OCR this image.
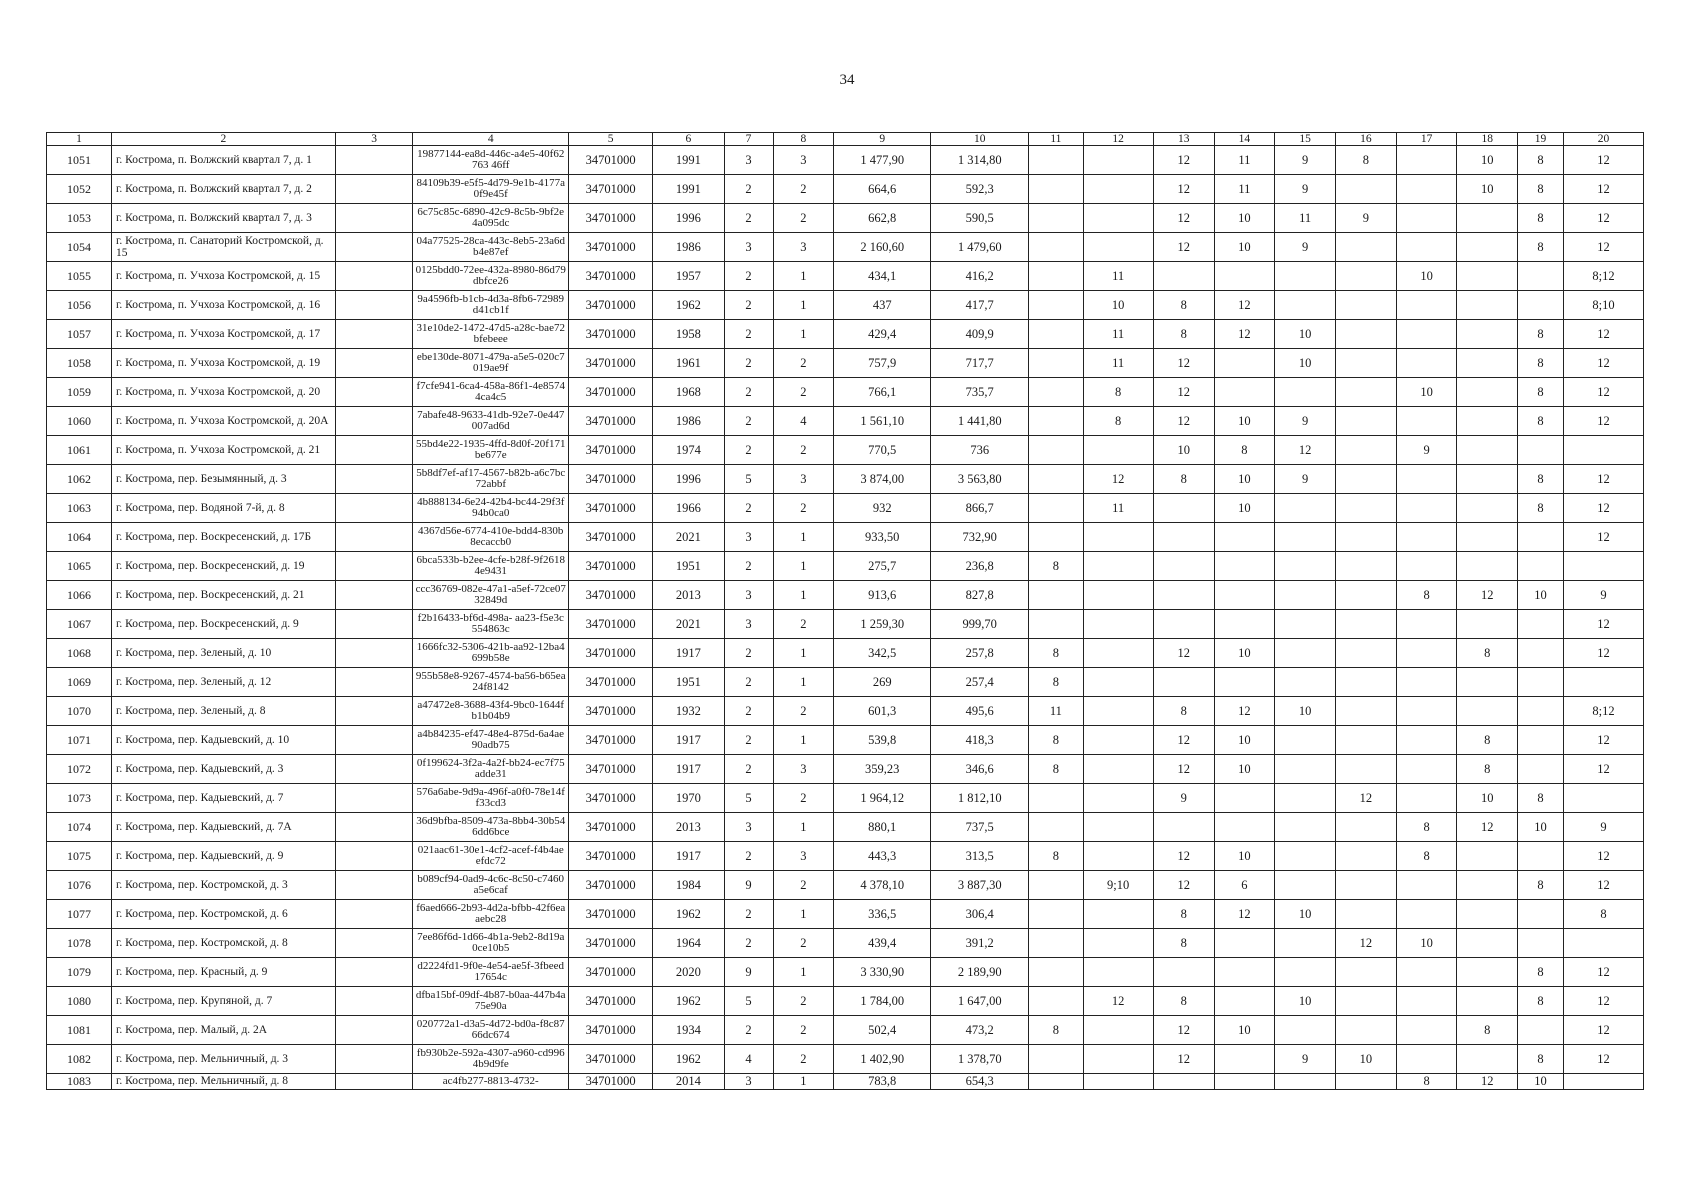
34
1	2	3	4	5	6	7	8	9	10	11	12	13	14	15	16	17	18	19	20
1051	г. Кострома, п. Волжский квартал 7, д. 1		19877144-ea8d-446c-a4e5-40f62763 46ff	34701000	1991	3	3	1 477,90	1 314,80			12	11	9	8		10	8	12
1052	г. Кострома, п. Волжский квартал 7, д. 2		84109b39-e5f5-4d79-9e1b-4177a0f9e45f	34701000	1991	2	2	664,6	592,3			12	11	9			10	8	12
1053	г. Кострома, п. Волжский квартал 7, д. 3		6c75c85c-6890-42c9-8c5b-9bf2e4a095dc	34701000	1996	2	2	662,8	590,5			12	10	11	9			8	12
1054	г. Кострома, п. Санаторий Костромской, д. 15		04a77525-28ca-443c-8eb5-23a6db4e87ef	34701000	1986	3	3	2 160,60	1 479,60			12	10	9				8	12
1055	г. Кострома, п. Учхоза Костромской, д. 15		0125bdd0-72ee-432a-8980-86d79dbfce26	34701000	1957	2	1	434,1	416,2		11					10			8;12
1056	г. Кострома, п. Учхоза Костромской, д. 16		9a4596fb-b1cb-4d3a-8fb6-72989d41cb1f	34701000	1962	2	1	437	417,7		10	8	12						8;10
1057	г. Кострома, п. Учхоза Костромской, д. 17		31e10de2-1472-47d5-a28c-bae72bfebeee	34701000	1958	2	1	429,4	409,9		11	8	12	10				8	12
1058	г. Кострома, п. Учхоза Костромской, д. 19		ebe130de-8071-479a-a5e5-020c7019ae9f	34701000	1961	2	2	757,9	717,7		11	12		10				8	12
1059	г. Кострома, п. Учхоза Костромской, д. 20		f7cfe941-6ca4-458a-86f1-4e85744ca4c5	34701000	1968	2	2	766,1	735,7		8	12				10		8	12
1060	г. Кострома, п. Учхоза Костромской, д. 20А		7abafe48-9633-41db-92e7-0e447007ad6d	34701000	1986	2	4	1 561,10	1 441,80		8	12	10	9				8	12
1061	г. Кострома, п. Учхоза Костромской, д. 21		55bd4e22-1935-4ffd-8d0f-20f171be677e	34701000	1974	2	2	770,5	736			10	8	12		9			
1062	г. Кострома, пер. Безымянный, д. 3		5b8df7ef-af17-4567-b82b-a6c7bc72abbf	34701000	1996	5	3	3 874,00	3 563,80		12	8	10	9				8	12
1063	г. Кострома, пер. Водяной 7-й, д. 8		4b888134-6e24-42b4-bc44-29f3f94b0ca0	34701000	1966	2	2	932	866,7		11		10					8	12
1064	г. Кострома, пер. Воскресенский, д. 17Б		4367d56e-6774-410e-bdd4-830b8ecaccb0	34701000	2021	3	1	933,50	732,90										12
1065	г. Кострома, пер. Воскресенский, д. 19		6bca533b-b2ee-4cfe-b28f-9f26184e9431	34701000	1951	2	1	275,7	236,8	8									
1066	г. Кострома, пер. Воскресенский, д. 21		ccc36769-082e-47a1-a5ef-72ce0732849d	34701000	2013	3	1	913,6	827,8							8	12	10	9
1067	г. Кострома, пер. Воскресенский, д. 9		f2b16433-bf6d-498a- aa23-f5e3c554863c	34701000	2021	3	2	1 259,30	999,70										12
1068	г. Кострома, пер. Зеленый, д. 10		1666fc32-5306-421b-aa92-12ba4699b58e	34701000	1917	2	1	342,5	257,8	8		12	10				8		12
1069	г. Кострома, пер. Зеленый, д. 12		955b58e8-9267-4574-ba56-b65ea24f8142	34701000	1951	2	1	269	257,4	8									
1070	г. Кострома, пер. Зеленый, д. 8		a47472e8-3688-43f4-9bc0-1644fb1b04b9	34701000	1932	2	2	601,3	495,6	11		8	12	10					8;12
1071	г. Кострома, пер. Кадыевский, д. 10		a4b84235-ef47-48e4-875d-6a4ae90adb75	34701000	1917	2	1	539,8	418,3	8		12	10				8		12
1072	г. Кострома, пер. Кадыевский, д. 3		0f199624-3f2a-4a2f-bb24-ec7f75adde31	34701000	1917	2	3	359,23	346,6	8		12	10				8		12
1073	г. Кострома, пер. Кадыевский, д. 7		576a6abe-9d9a-496f-a0f0-78e14ff33cd3	34701000	1970	5	2	1 964,12	1 812,10			9			12		10	8	
1074	г. Кострома, пер. Кадыевский, д. 7А		36d9bfba-8509-473a-8bb4-30b546dd6bce	34701000	2013	3	1	880,1	737,5							8	12	10	9
1075	г. Кострома, пер. Кадыевский, д. 9		021aac61-30e1-4cf2-acef-f4b4aeefdc72	34701000	1917	2	3	443,3	313,5	8		12	10			8			12
1076	г. Кострома, пер. Костромской, д. 3		b089cf94-0ad9-4c6c-8c50-c7460a5e6caf	34701000	1984	9	2	4 378,10	3 887,30		9;10	12	6					8	12
1077	г. Кострома, пер. Костромской, д. 6		f6aed666-2b93-4d2a-bfbb-42f6eaaebc28	34701000	1962	2	1	336,5	306,4			8	12	10					8
1078	г. Кострома, пер. Костромской, д. 8		7ee86f6d-1d66-4b1a-9eb2-8d19a0ce10b5	34701000	1964	2	2	439,4	391,2			8			12	10			
1079	г. Кострома, пер. Красный, д. 9		d2224fd1-9f0e-4e54-ae5f-3fbeed17654c	34701000	2020	9	1	3 330,90	2 189,90									8	12
1080	г. Кострома, пер. Крупяной, д. 7		dfba15bf-09df-4b87-b0aa-447b4a75e90a	34701000	1962	5	2	1 784,00	1 647,00		12	8		10				8	12
1081	г. Кострома, пер. Малый, д. 2А		020772a1-d3a5-4d72-bd0a-f8c8766dc674	34701000	1934	2	2	502,4	473,2	8		12	10				8		12
1082	г. Кострома, пер. Мельничный, д. 3		fb930b2e-592a-4307-a960-cd9964b9d9fe	34701000	1962	4	2	1 402,90	1 378,70			12		9	10			8	12
1083	г. Кострома, пер. Мельничный, д. 8		ac4fb277-8813-4732-	34701000	2014	3	1	783,8	654,3							8	12	10	
